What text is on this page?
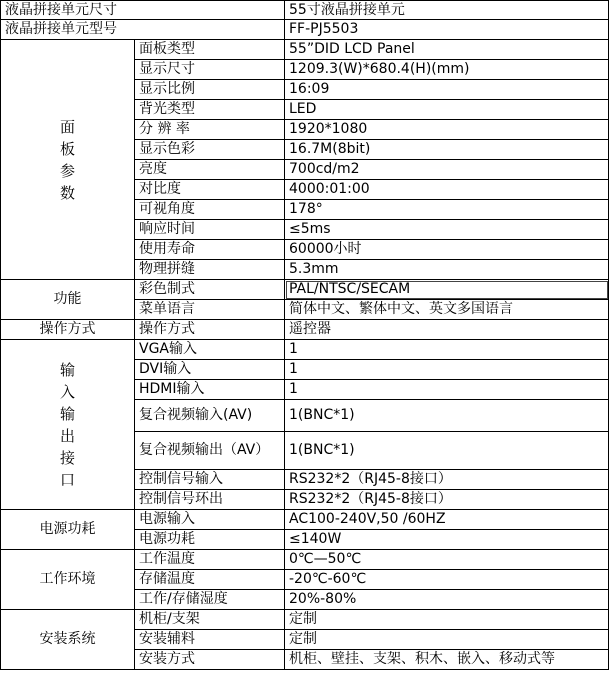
液晶拼接单元尺寸		55寸液晶拼接单元
液晶拼接单元型号		FF-PJ5503
面板参数	面板类型	55”DID LCD Panel
	显示尺寸	1209.3(W)*680.4(H)(mm)
	显示比例	16:09
	背光类型	LED
	分 辨 率	1920*1080
	显示色彩	16.7M(8bit)
	亮度	700cd/m2
	对比度	4000:01:00
	可视角度	178°
	响应时间	≤5ms
	使用寿命	60000小时
	物理拼缝	5.3mm
功能	彩色制式	PAL/NTSC/SECAM
	菜单语言	简体中文、繁体中文、英文多国语言
操作方式	操作方式	遥控器
输入输出接口	VGA输入	1
	DVI输入	1
	HDMI输入	1
	复合视频输入(AV)	1(BNC*1)
	复合视频输出（AV）	1(BNC*1)
	控制信号输入	RS232*2（RJ45-8接口）
	控制信号环出	RS232*2（RJ45-8接口）
电源功耗	电源输入	AC100-240V,50 /60HZ
	电源功耗	≤140W
工作环境	工作温度	0℃—50℃
	存储温度	-20℃-60℃
	工作/存储湿度	20%-80%
安装系统	机柜/支架	定制
	安装辅料	定制
	安装方式	机柜、壁挂、支架、积木、嵌入、移动式等
